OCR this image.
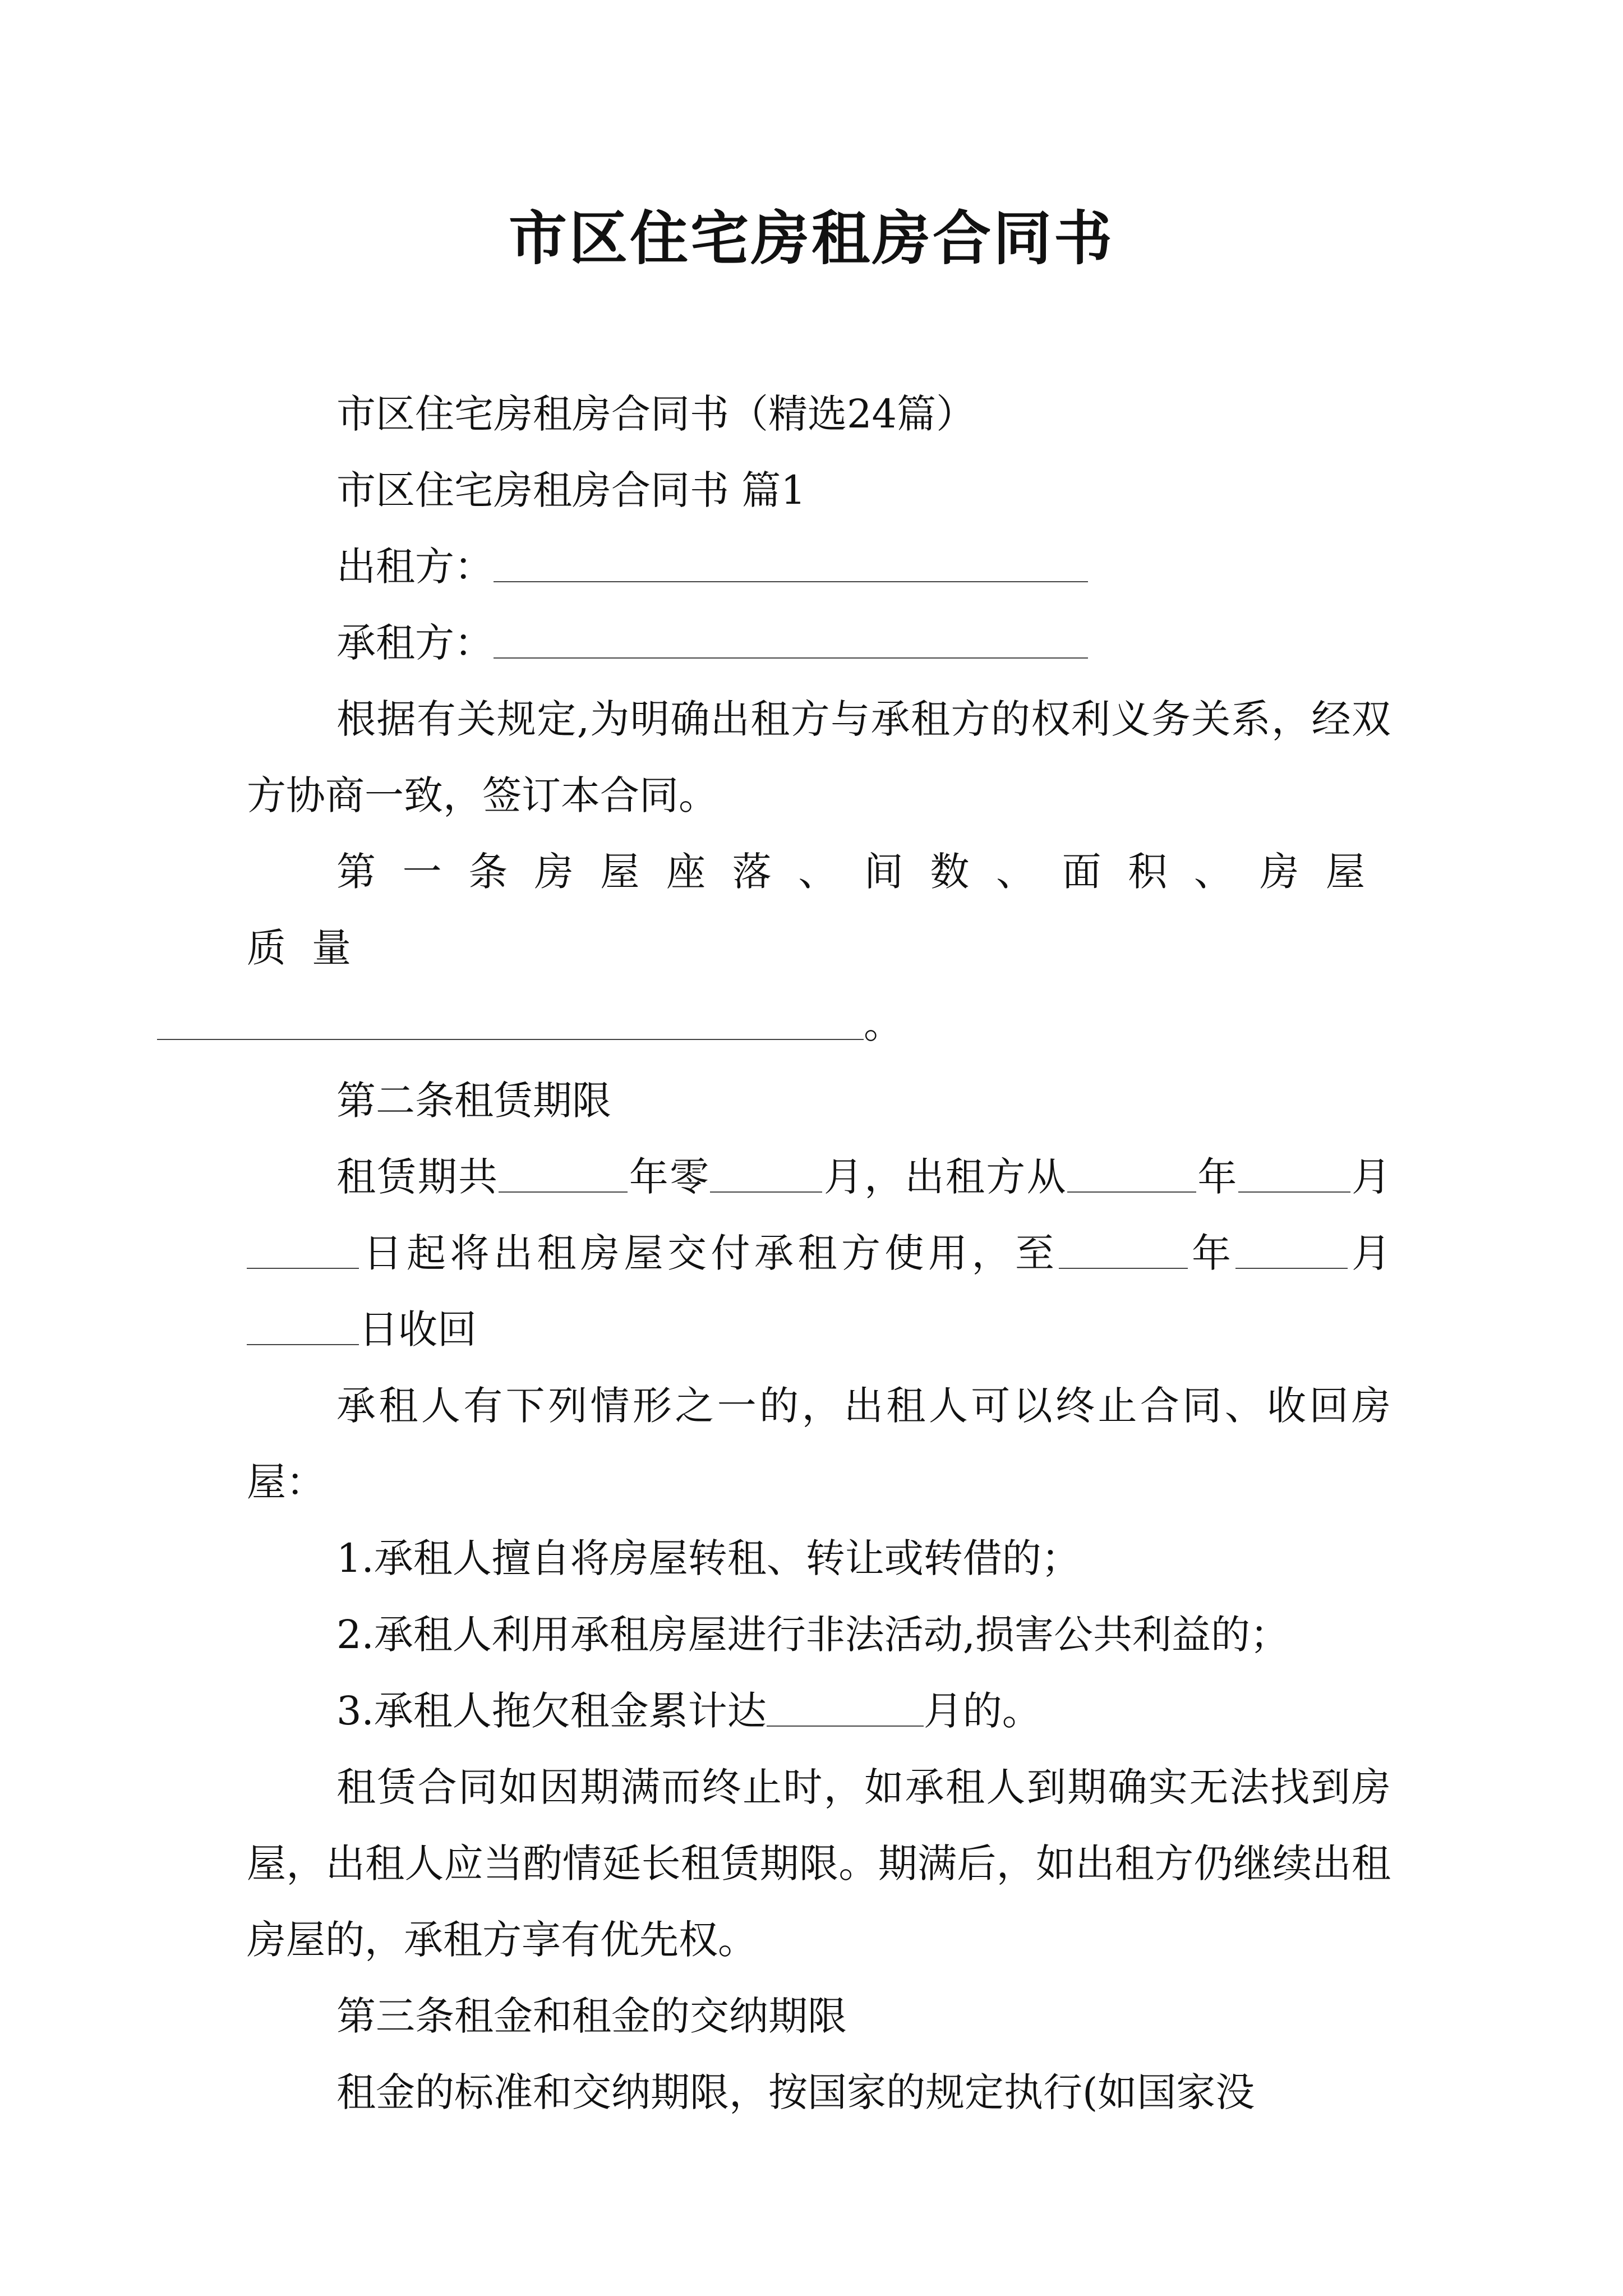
市区住宅房租房合同书

市区住宅房租房合同书（精选24篇）

市区住宅房租房合同书 篇1

出租方：

承租方：

根据有关规定,为明确出租方与承租方的权利义务关系，经双方协商一致，签订本合同。

第一条房屋座落、间数、面积、房屋质量
。

第二条租赁期限

租赁期共	年零	月，出租方从	年	月日起将出租房屋交付承租方使用，至	年	月日收回

承租人有下列情形之一的，出租人可以终止合同、收回房屋：

1.承租人擅自将房屋转租、转让或转借的；

2.承租人利用承租房屋进行非法活动,损害公共利益的；

3.承租人拖欠租金累计达	月的。

租赁合同如因期满而终止时，如承租人到期确实无法找到房屋，出租人应当酌情延长租赁期限。期满后，如出租方仍继续出租房屋的，承租方享有优先权。

第三条租金和租金的交纳期限

租金的标准和交纳期限，按国家的规定执行(如国家没
